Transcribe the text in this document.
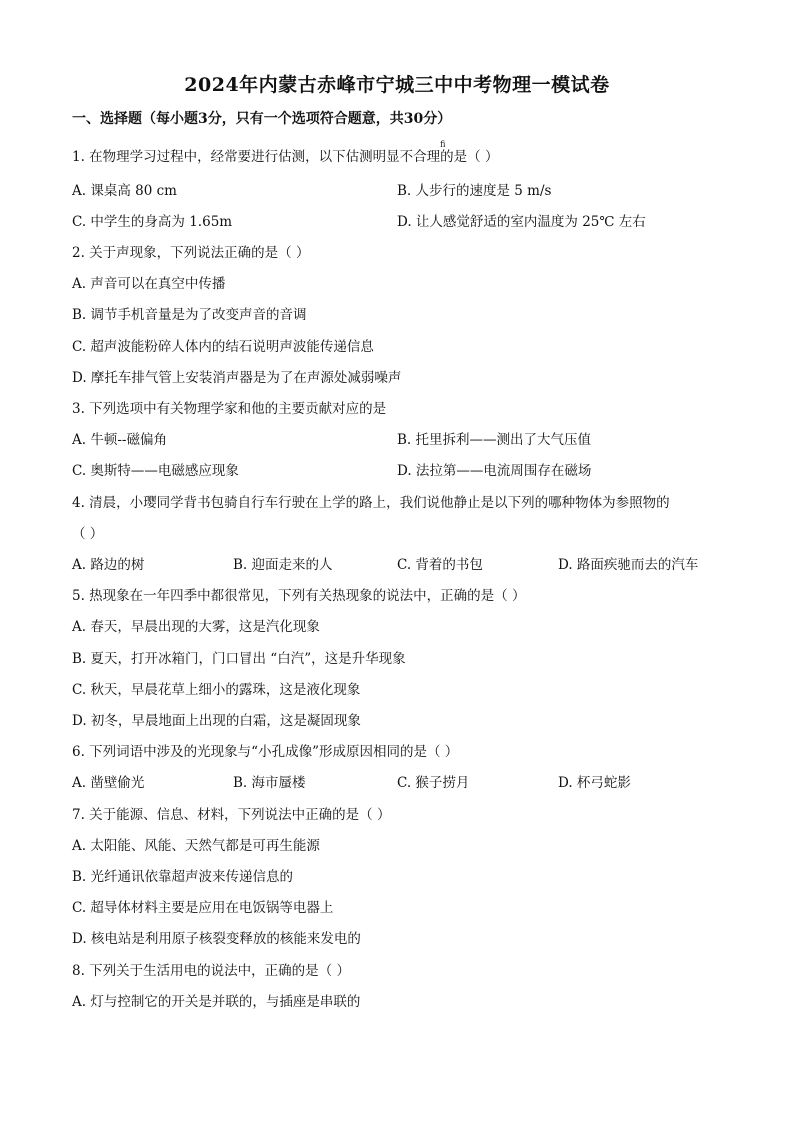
2024年内蒙古赤峰市宁城三中中考物理一模试卷
一、选择题（每小题3分，只有一个选项符合题意，共30分）
1. 在物理学习过程中，经常要进行估测，以下估测明显不合理
fi
的是（ ）
A. 课桌高 80 cm	B. 人步行的速度是 5 m/s
C. 中学生的身高为 1.65m	D. 让人感觉舒适的室内温度为 25℃ 左右
2. 关于声现象，下列说法正确的是（ ）
A. 声音可以在真空中传播
B. 调节手机音量是为了改变声音的音调
C. 超声波能粉碎人体内的结石说明声波能传递信息
D. 摩托车排气管上安装消声器是为了在声源处减弱噪声
3. 下列选项中有关物理学家和他的主要贡献对应的是
A. 牛顿--磁偏角	B. 托里拆利——测出了大气压值
C. 奥斯特——电磁感应现象	D. 法拉第——电流周围存在磁场
4. 清晨，小璎同学背书包骑自行车行驶在上学的路上，我们说他静止是以下列的哪种物体为参照物的
（ ）
A. 路边的树	B. 迎面走来的人	C. 背着的书包	D. 路面疾驰而去的汽车
5. 热现象在一年四季中都很常见，下列有关热现象的说法中，正确的是（ ）
A. 春天，早晨出现的大雾，这是汽化现象
B. 夏天，打开冰箱门，门口冒出 “白汽”，这是升华现象
C. 秋天，早晨花草上细小的露珠，这是液化现象
D. 初冬，早晨地面上出现的白霜，这是凝固现象
6. 下列词语中涉及的光现象与“小孔成像”形成原因相同的是（ ）
A. 凿壁偷光	B. 海市蜃楼	C. 猴子捞月	D. 杯弓蛇影
7. 关于能源、信息、材料，下列说法中正确的是（ ）
A. 太阳能、风能、天然气都是可再生能源
B. 光纤通讯依靠超声波来传递信息的
C. 超导体材料主要是应用在电饭锅等电器上
D. 核电站是利用原子核裂变释放的核能来发电的
8. 下列关于生活用电的说法中，正确的是（ ）
A. 灯与控制它的开关是并联的，与插座是串联的
